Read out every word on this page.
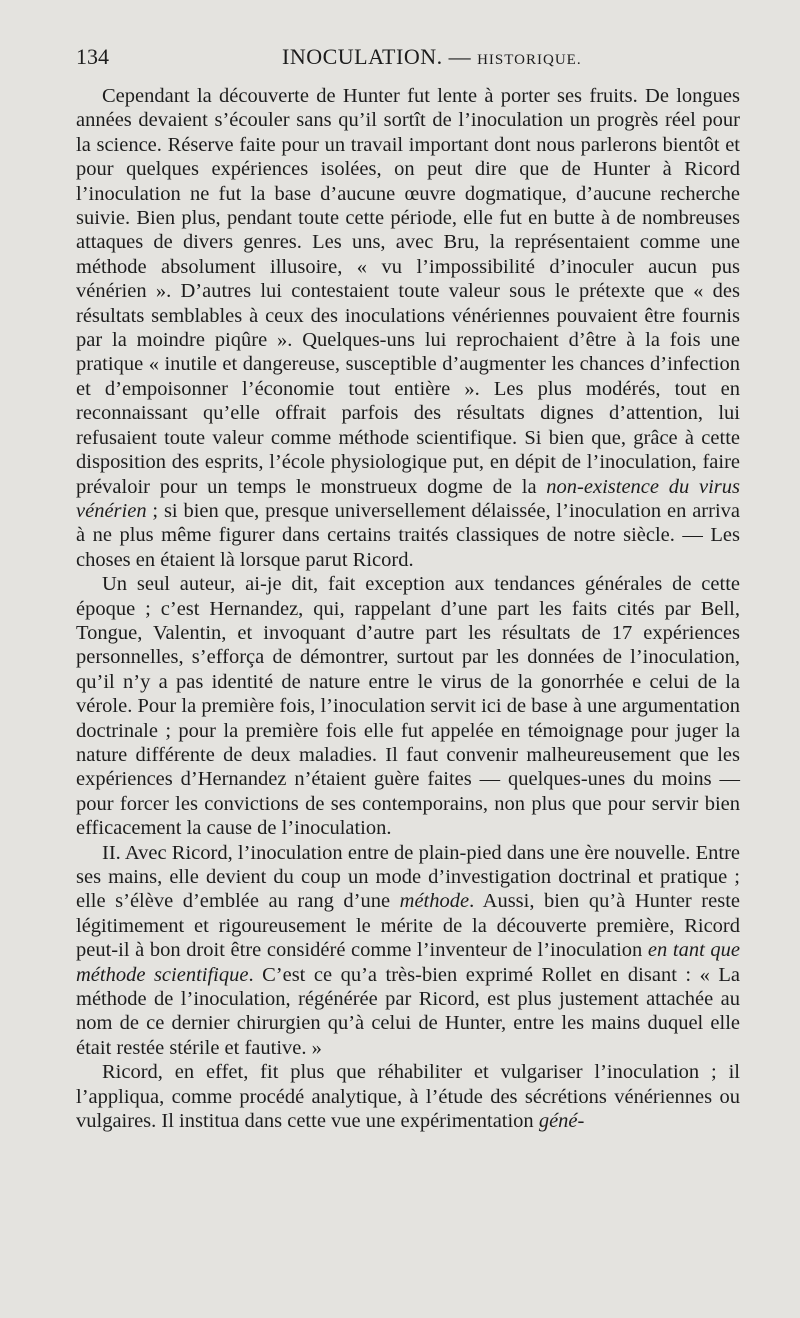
134	INOCULATION. — HISTORIQUE.

Cependant la découverte de Hunter fut lente à porter ses fruits. De longues années devaient s’écouler sans qu’il sortît de l’inoculation un progrès réel pour la science. Réserve faite pour un travail important dont nous parlerons bientôt et pour quelques expériences isolées, on peut dire que de Hunter à Ricord l’inoculation ne fut la base d’aucune œuvre dogmatique, d’aucune recherche suivie. Bien plus, pendant toute cette période, elle fut en butte à de nombreuses attaques de divers genres. Les uns, avec Bru, la représentaient comme une méthode absolument illusoire, « vu l’impossibilité d’inoculer aucun pus vénérien ». D’autres lui contestaient toute valeur sous le prétexte que « des résultats semblables à ceux des inoculations vénériennes pouvaient être fournis par la moindre piqûre ». Quelques-uns lui reprochaient d’être à la fois une pratique « inutile et dangereuse, susceptible d’augmenter les chances d’infection et d’empoisonner l’économie tout entière ». Les plus modérés, tout en reconnaissant qu’elle offrait parfois des résultats dignes d’attention, lui refusaient toute valeur comme méthode scientifique. Si bien que, grâce à cette disposition des esprits, l’école physiologique put, en dépit de l’inoculation, faire prévaloir pour un temps le monstrueux dogme de la non-existence du virus vénérien ; si bien que, presque universellement délaissée, l’inoculation en arriva à ne plus même figurer dans certains traités classiques de notre siècle. — Les choses en étaient là lorsque parut Ricord.

Un seul auteur, ai-je dit, fait exception aux tendances générales de cette époque ; c’est Hernandez, qui, rappelant d’une part les faits cités par Bell, Tongue, Valentin, et invoquant d’autre part les résultats de 17 expériences personnelles, s’efforça de démontrer, surtout par les données de l’inoculation, qu’il n’y a pas identité de nature entre le virus de la gonorrhée e celui de la vérole. Pour la première fois, l’inoculation servit ici de base à une argumentation doctrinale ; pour la première fois elle fut appelée en témoignage pour juger la nature différente de deux maladies. Il faut convenir malheureusement que les expériences d’Hernandez n’étaient guère faites — quelques-unes du moins — pour forcer les convictions de ses contemporains, non plus que pour servir bien efficacement la cause de l’inoculation.

II. Avec Ricord, l’inoculation entre de plain-pied dans une ère nouvelle. Entre ses mains, elle devient du coup un mode d’investigation doctrinal et pratique ; elle s’élève d’emblée au rang d’une méthode. Aussi, bien qu’à Hunter reste légitimement et rigoureusement le mérite de la découverte première, Ricord peut-il à bon droit être considéré comme l’inventeur de l’inoculation en tant que méthode scientifique. C’est ce qu’a très-bien exprimé Rollet en disant : « La méthode de l’inoculation, régénérée par Ricord, est plus justement attachée au nom de ce dernier chirurgien qu’à celui de Hunter, entre les mains duquel elle était restée stérile et fautive. »

Ricord, en effet, fit plus que réhabiliter et vulgariser l’inoculation ; il l’appliqua, comme procédé analytique, à l’étude des sécrétions vénériennes ou vulgaires. Il institua dans cette vue une expérimentation géné-
